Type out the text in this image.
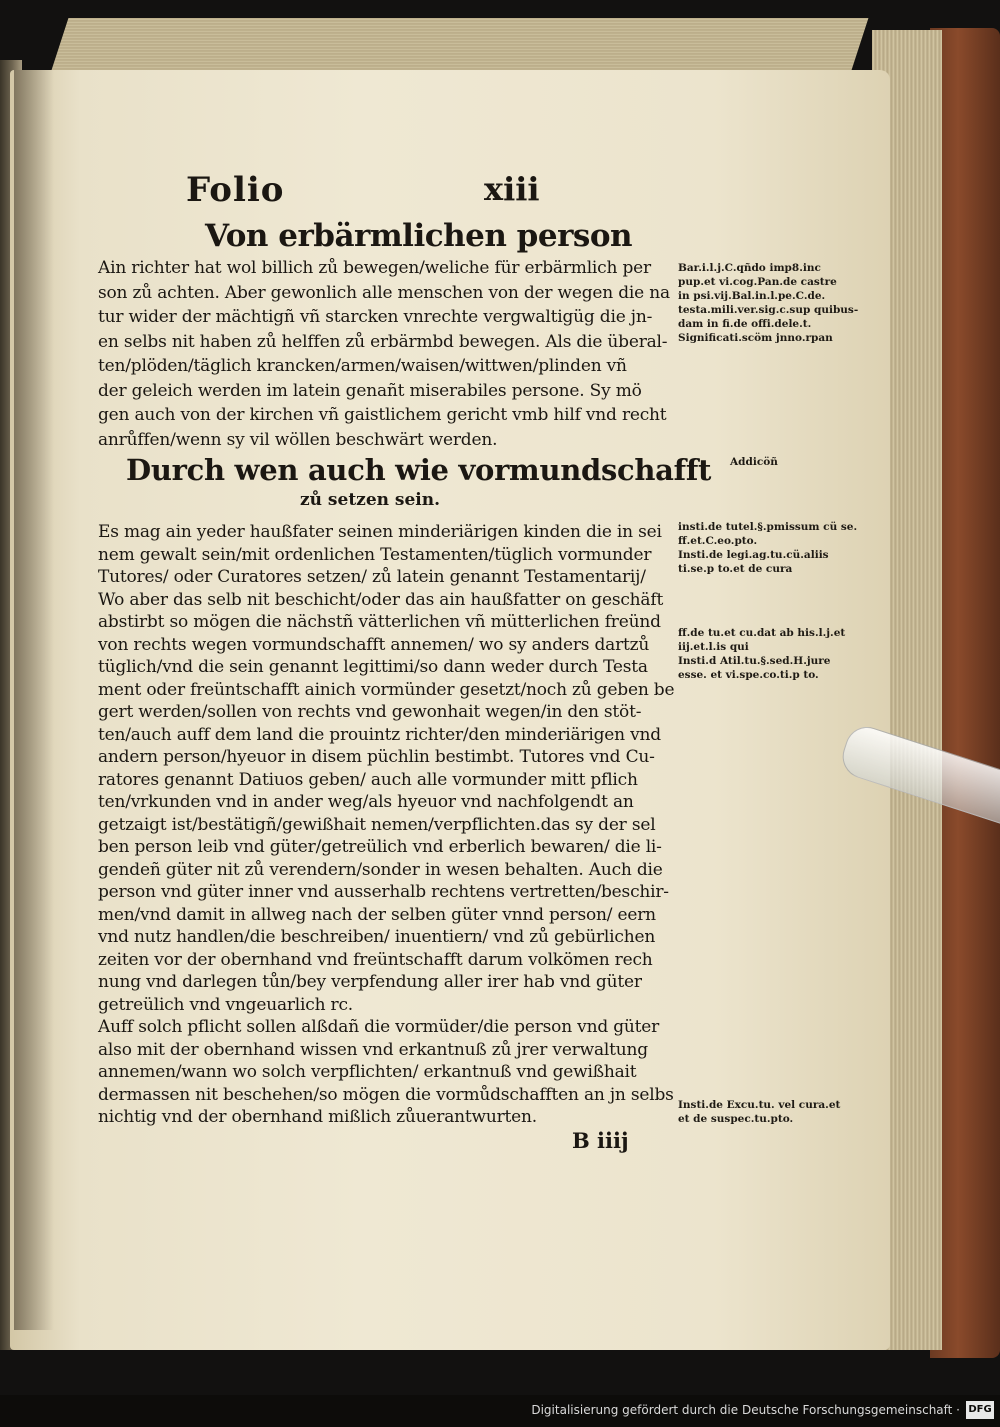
Folio	xiii
Von erbärmlichen person
Ain richter hat wol billich zů bewegen/weliche für erbärmlich per
son zů achten. Aber gewonlich alle menschen von der wegen die na
tur wider der mächtigñ vñ starcken vnrechte vergwaltigüg die jn-
en selbs nit haben zů helffen zů erbärmbd bewegen. Als die überal-
ten/plöden/täglich krancken/armen/waisen/wittwen/plinden vñ
der geleich werden im latein genañt miserabiles persone. Sy mö
gen auch von der kirchen vñ gaistlichem gericht vmb hilf vnd recht
anrůffen/wenn sy vil wöllen beschwärt werden.
Durch wen auch wie vormundschafft
zů setzen sein.
Es mag ain yeder haußfater seinen minderiärigen kinden die in sei
nem gewalt sein/mit ordenlichen Testamenten/tüglich vormunder
Tutores/ oder Curatores setzen/ zů latein genannt Testamentarij/
Wo aber das selb nit beschicht/oder das ain haußfatter on geschäft
abstirbt so mögen die nächstñ vätterlichen vñ mütterlichen freünd
von rechts wegen vormundschafft annemen/ wo sy anders dartzů
tüglich/vnd die sein genannt legittimi/so dann weder durch Testa
ment oder freüntschafft ainich vormünder gesetzt/noch zů geben be
gert werden/sollen von rechts vnd gewonhait wegen/in den stöt-
ten/auch auff dem land die prouintz richter/den minderiärigen vnd
andern person/hyeuor in disem püchlin bestimbt. Tutores vnd Cu-
ratores genannt Datiuos geben/ auch alle vormunder mitt pflich
ten/vrkunden vnd in ander weg/als hyeuor vnd nachfolgendt an
getzaigt ist/bestätigñ/gewißhait nemen/verpflichten.das sy der sel
ben person leib vnd güter/getreülich vnd erberlich bewaren/ die li-
gendeñ güter nit zů verendern/sonder in wesen behalten. Auch die
person vnd güter inner vnd ausserhalb rechtens vertretten/beschir-
men/vnd damit in allweg nach der selben güter vnnd person/ eern
vnd nutz handlen/die beschreiben/ inuentiern/ vnd zů gebürlichen
zeiten vor der obernhand vnd freüntschafft darum volkömen rech
nung vnd darlegen tůn/bey verpfendung aller irer hab vnd güter
getreülich vnd vngeuarlich rc.
Auff solch pflicht sollen alßdañ die vormüder/die person vnd güter
also mit der obernhand wissen vnd erkantnuß zů jrer verwaltung
annemen/wann wo solch verpflichten/ erkantnuß vnd gewißhait
dermassen nit beschehen/so mögen die vormůdschafften an jn selbs
nichtig vnd der obernhand mißlich zůuerantwurten.
B iiij
Bar.i.l.j.C.qñdo imp8.inc
pup.et vi.cog.Pan.de castre
in psi.vij.Bal.in.l.pe.C.de.
testa.mili.ver.sig.c.sup quibus-
dam in fi.de offi.dele.t.
Significati.scöm jnno.rpan
Addicöñ
insti.de tutel.§.pmissum cü se.
ff.et.C.eo.pto.
Insti.de legi.ag.tu.cü.aliis
ti.se.p to.et de cura
ff.de tu.et cu.dat ab his.l.j.et
iij.et.l.is qui
Insti.d Atil.tu.§.sed.H.jure
esse. et vi.spe.co.ti.p to.
Insti.de Excu.tu. vel cura.et
et de suspec.tu.pto.
Digitalisierung gefördert durch die Deutsche Forschungsgemeinschaft · DFG
